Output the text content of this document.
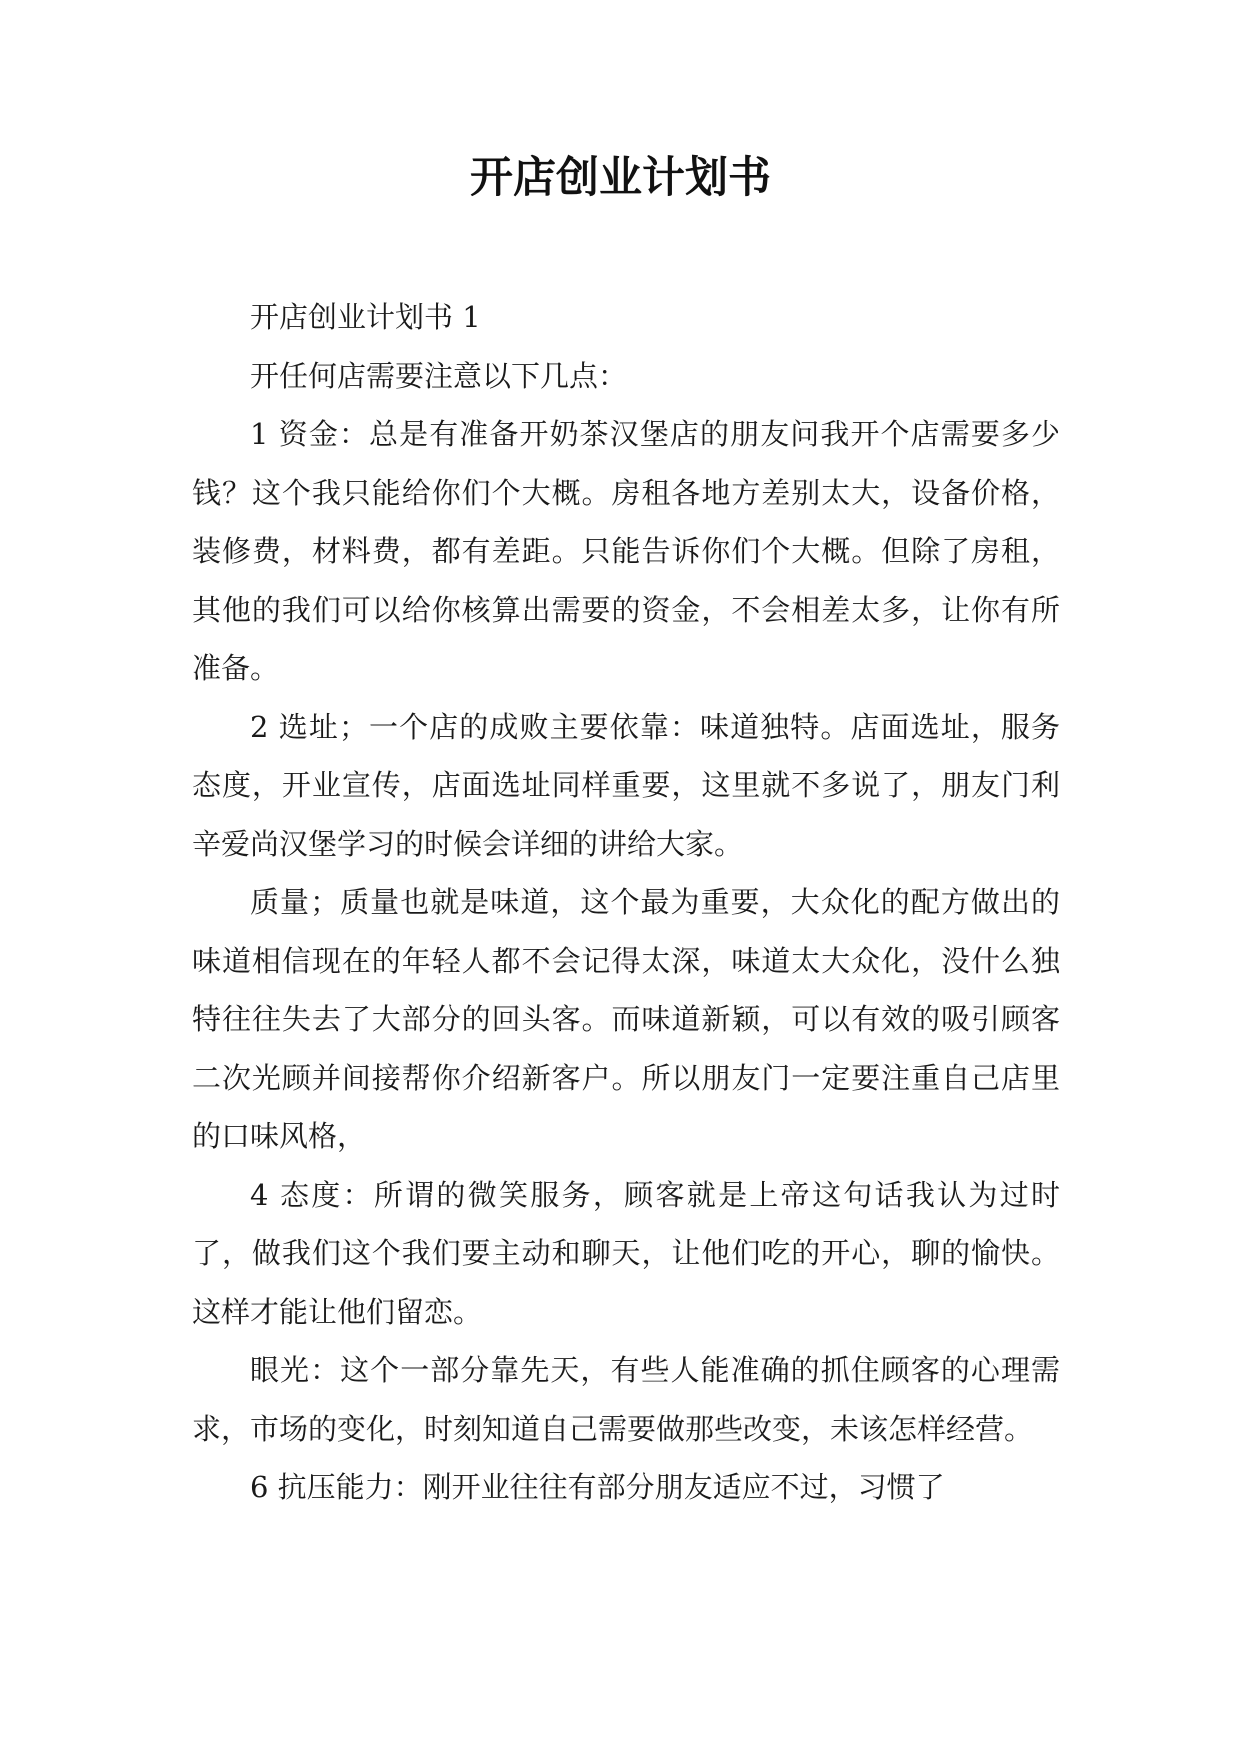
开店创业计划书

开店创业计划书 1

开任何店需要注意以下几点：

1 资金：总是有准备开奶茶汉堡店的朋友问我开个店需要多少钱？这个我只能给你们个大概。房租各地方差别太大，设备价格，装修费，材料费，都有差距。只能告诉你们个大概。但除了房租，其他的我们可以给你核算出需要的资金，不会相差太多，让你有所准备。

2 选址；一个店的成败主要依靠：味道独特。店面选址，服务态度，开业宣传，店面选址同样重要，这里就不多说了，朋友门利辛爱尚汉堡学习的时候会详细的讲给大家。

质量；质量也就是味道，这个最为重要，大众化的配方做出的味道相信现在的年轻人都不会记得太深，味道太大众化，没什么独特往往失去了大部分的回头客。而味道新颖，可以有效的吸引顾客二次光顾并间接帮你介绍新客户。所以朋友门一定要注重自己店里的口味风格，

4 态度：所谓的微笑服务，顾客就是上帝这句话我认为过时了，做我们这个我们要主动和聊天，让他们吃的开心，聊的愉快。这样才能让他们留恋。

眼光：这个一部分靠先天，有些人能准确的抓住顾客的心理需求，市场的变化，时刻知道自己需要做那些改变，未该怎样经营。

6 抗压能力：刚开业往往有部分朋友适应不过，习惯了
